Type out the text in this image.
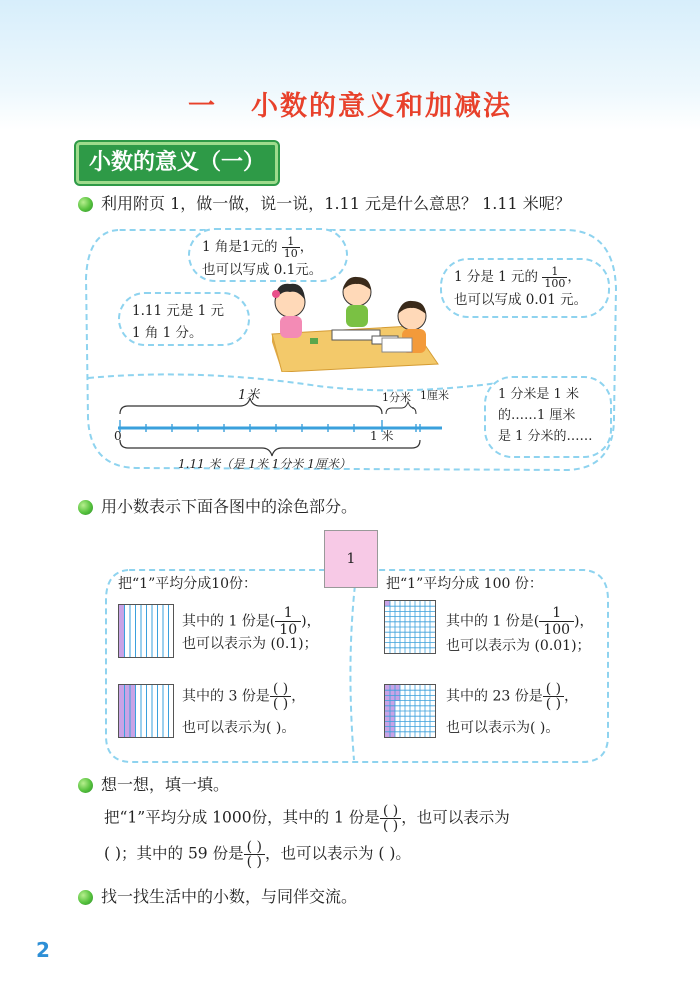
一 小数的意义和加减法
小数的意义（一）
利用附页 1，做一做，说一说，1.11 元是什么意思？ 1.11 米呢？
1 角是1元的 $\frac{1}{10}$ ，
也可以写成 0.1元。
1.11 元是 1 元
1 角 1 分。
1 分是 1 元的 $\frac{1}{100}$ ，
也可以写成 0.01 元。
1米	1分米 1厘米
0	1 米
1.11 米（是 1米 1分米 1厘米）
1 分米是 1 米
的……1 厘米
是 1 分米的……
用小数表示下面各图中的涂色部分。
1
把“1”平均分成10份：
其中的 1 份是( $\frac{1}{10}$ )，
也可以表示为 (0.1)；
其中的 3 份是 $\frac{( )}{( )}$ ，
也可以表示为( )。
把“1”平均分成 100 份：
其中的 1 份是( $\frac{1}{100}$ )，
也可以表示为 (0.01)；
其中的 23 份是 $\frac{( )}{( )}$ ，
也可以表示为( )。
想一想，填一填。
把“1”平均分成 1000份，其中的 1 份是 $\frac{( )}{( )}$ ，也可以表示为
( )；其中的 59 份是 $\frac{( )}{( )}$ ，也可以表示为 ( )。
找一找生活中的小数，与同伴交流。
2
